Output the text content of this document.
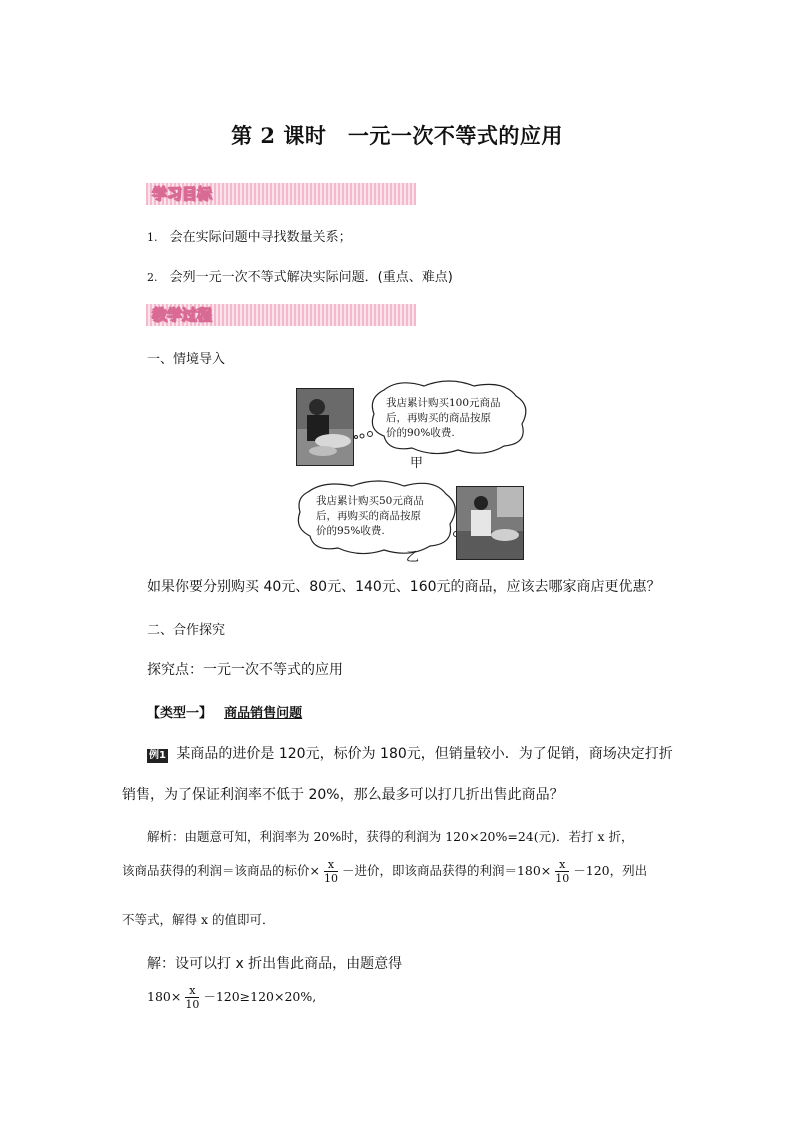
第 2 课时　一元一次不等式的应用
学习目标
1. 会在实际问题中寻找数量关系；
2. 会列一元一次不等式解决实际问题．(重点、难点)
教学过程
一、情境导入
我店累计购买100元商品
后，再购买的商品按原
价的90%收费.
甲
我店累计购买50元商品
后，再购买的商品按原
价的95%收费.
乙
如果你要分别购买 40元、80元、140元、160元的商品，应该去哪家商店更优惠？
二、合作探究
探究点：一元一次不等式的应用
【类型一】 商品销售问题
例1 某商品的进价是 120元，标价为 180元，但销量较小．为了促销，商场决定打折
销售，为了保证利润率不低于 20%，那么最多可以打几折出售此商品？
解析：由题意可知，利润率为 20%时，获得的利润为 120×20%=24(元)．若打 x 折，
该商品获得的利润＝该商品的标价× $\frac{x}{10}$ －进价，即该商品获得的利润$=180\times \frac{x}{10} -120$，列出
不等式，解得 x 的值即可．
解：设可以打 x 折出售此商品，由题意得
$180\times \frac{x}{10} -120\ge 120\times 20\%$,
